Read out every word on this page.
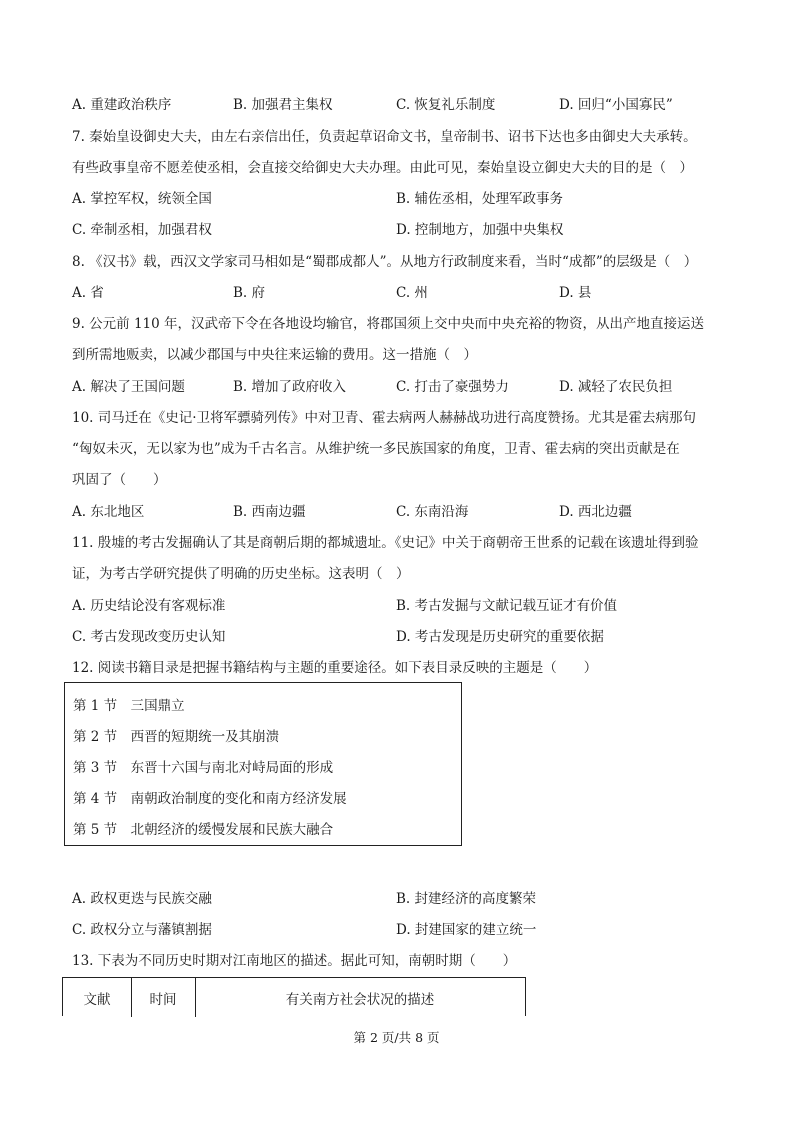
A. 重建政治秩序	B. 加强君主集权	C. 恢复礼乐制度	D. 回归“小国寡民”
7. 秦始皇设御史大夫，由左右亲信出任，负责起草诏命文书，皇帝制书、诏书下达也多由御史大夫承转。
有些政事皇帝不愿差使丞相，会直接交给御史大夫办理。由此可见，秦始皇设立御史大夫的目的是（　）
A. 掌控军权，统领全国	B. 辅佐丞相，处理军政事务
C. 牵制丞相，加强君权	D. 控制地方，加强中央集权
8. 《汉书》载，西汉文学家司马相如是“蜀郡成都人”。从地方行政制度来看，当时“成都”的层级是（　）
A. 省	B. 府	C. 州	D. 县
9. 公元前 110 年，汉武帝下令在各地设均输官，将郡国须上交中央而中央充裕的物资，从出产地直接运送
到所需地贩卖，以减少郡国与中央往来运输的费用。这一措施（　）
A. 解决了王国问题	B. 增加了政府收入	C. 打击了豪强势力	D. 减轻了农民负担
10. 司马迁在《史记·卫将军骠骑列传》中对卫青、霍去病两人赫赫战功进行高度赞扬。尤其是霍去病那句
“匈奴未灭，无以家为也”成为千古名言。从维护统一多民族国家的角度，卫青、霍去病的突出贡献是在
巩固了（　　）
A. 东北地区	B. 西南边疆	C. 东南沿海	D. 西北边疆
11. 殷墟的考古发掘确认了其是商朝后期的都城遗址。《史记》中关于商朝帝王世系的记载在该遗址得到验
证，为考古学研究提供了明确的历史坐标。这表明（　）
A. 历史结论没有客观标准	B. 考古发掘与文献记载互证才有价值
C. 考古发现改变历史认知	D. 考古发现是历史研究的重要依据
12. 阅读书籍目录是把握书籍结构与主题的重要途径。如下表目录反映的主题是（　　）
第 1 节　三国鼎立
第 2 节　西晋的短期统一及其崩溃
第 3 节　东晋十六国与南北对峙局面的形成
第 4 节　南朝政治制度的变化和南方经济发展
第 5 节　北朝经济的缓慢发展和民族大融合
A. 政权更迭与民族交融	B. 封建经济的高度繁荣
C. 政权分立与藩镇割据	D. 封建国家的建立统一
13. 下表为不同历史时期对江南地区的描述。据此可知，南朝时期（　　）
文献	时间	有关南方社会状况的描述
第 2 页/共 8 页
